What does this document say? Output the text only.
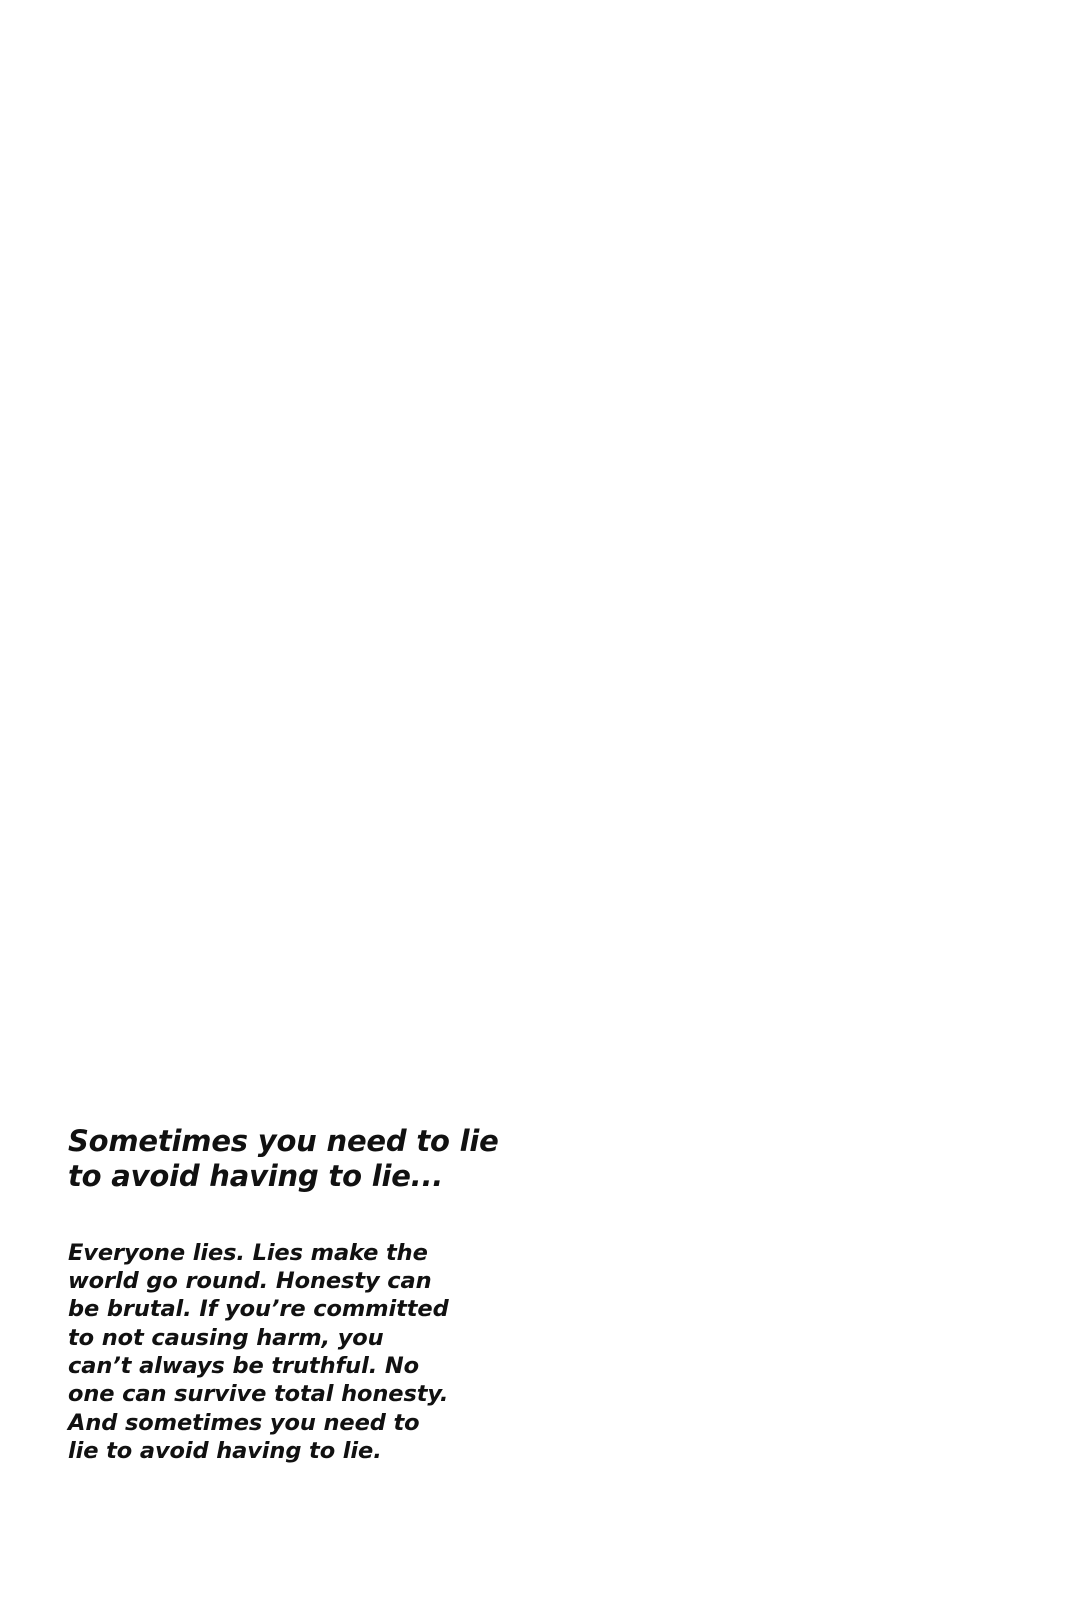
Sometimes you need to lie
to avoid having to lie...

Everyone lies. Lies make the
world go round. Honesty can
be brutal. If you’re committed
to not causing harm, you
can’t always be truthful. No
one can survive total honesty.
And sometimes you need to
lie to avoid having to lie.
